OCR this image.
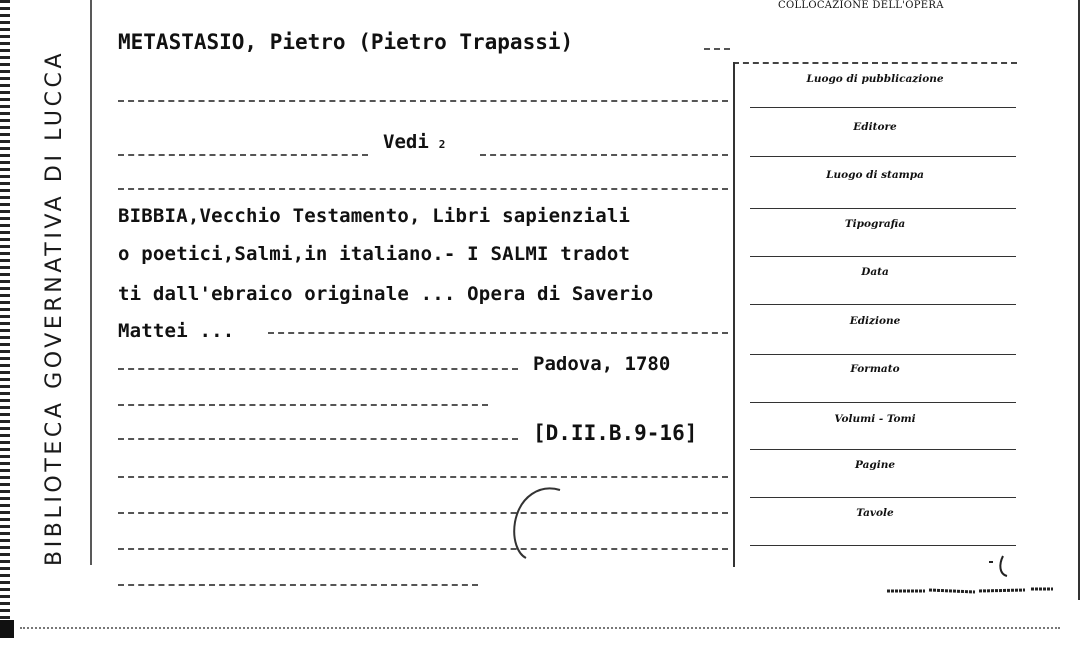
BIBLIOTECA GOVERNATIVA DI LUCCA
METASTASIO, Pietro (Pietro Trapassi)
Vedi 2
BIBBIA,Vecchio Testamento, Libri sapienziali
o poetici,Salmi,in italiano.- I SALMI tradot
ti dall'ebraico originale ... Opera di Saverio
Mattei ...
Padova, 1780
[D.II.B.9-16]
COLLOCAZIONE DELL'OPERA
Luogo di pubblicazione
Editore
Luogo di stampa
Tipografia
Data
Edizione
Formato
Volumi - Tomi
Pagine
Tavole
